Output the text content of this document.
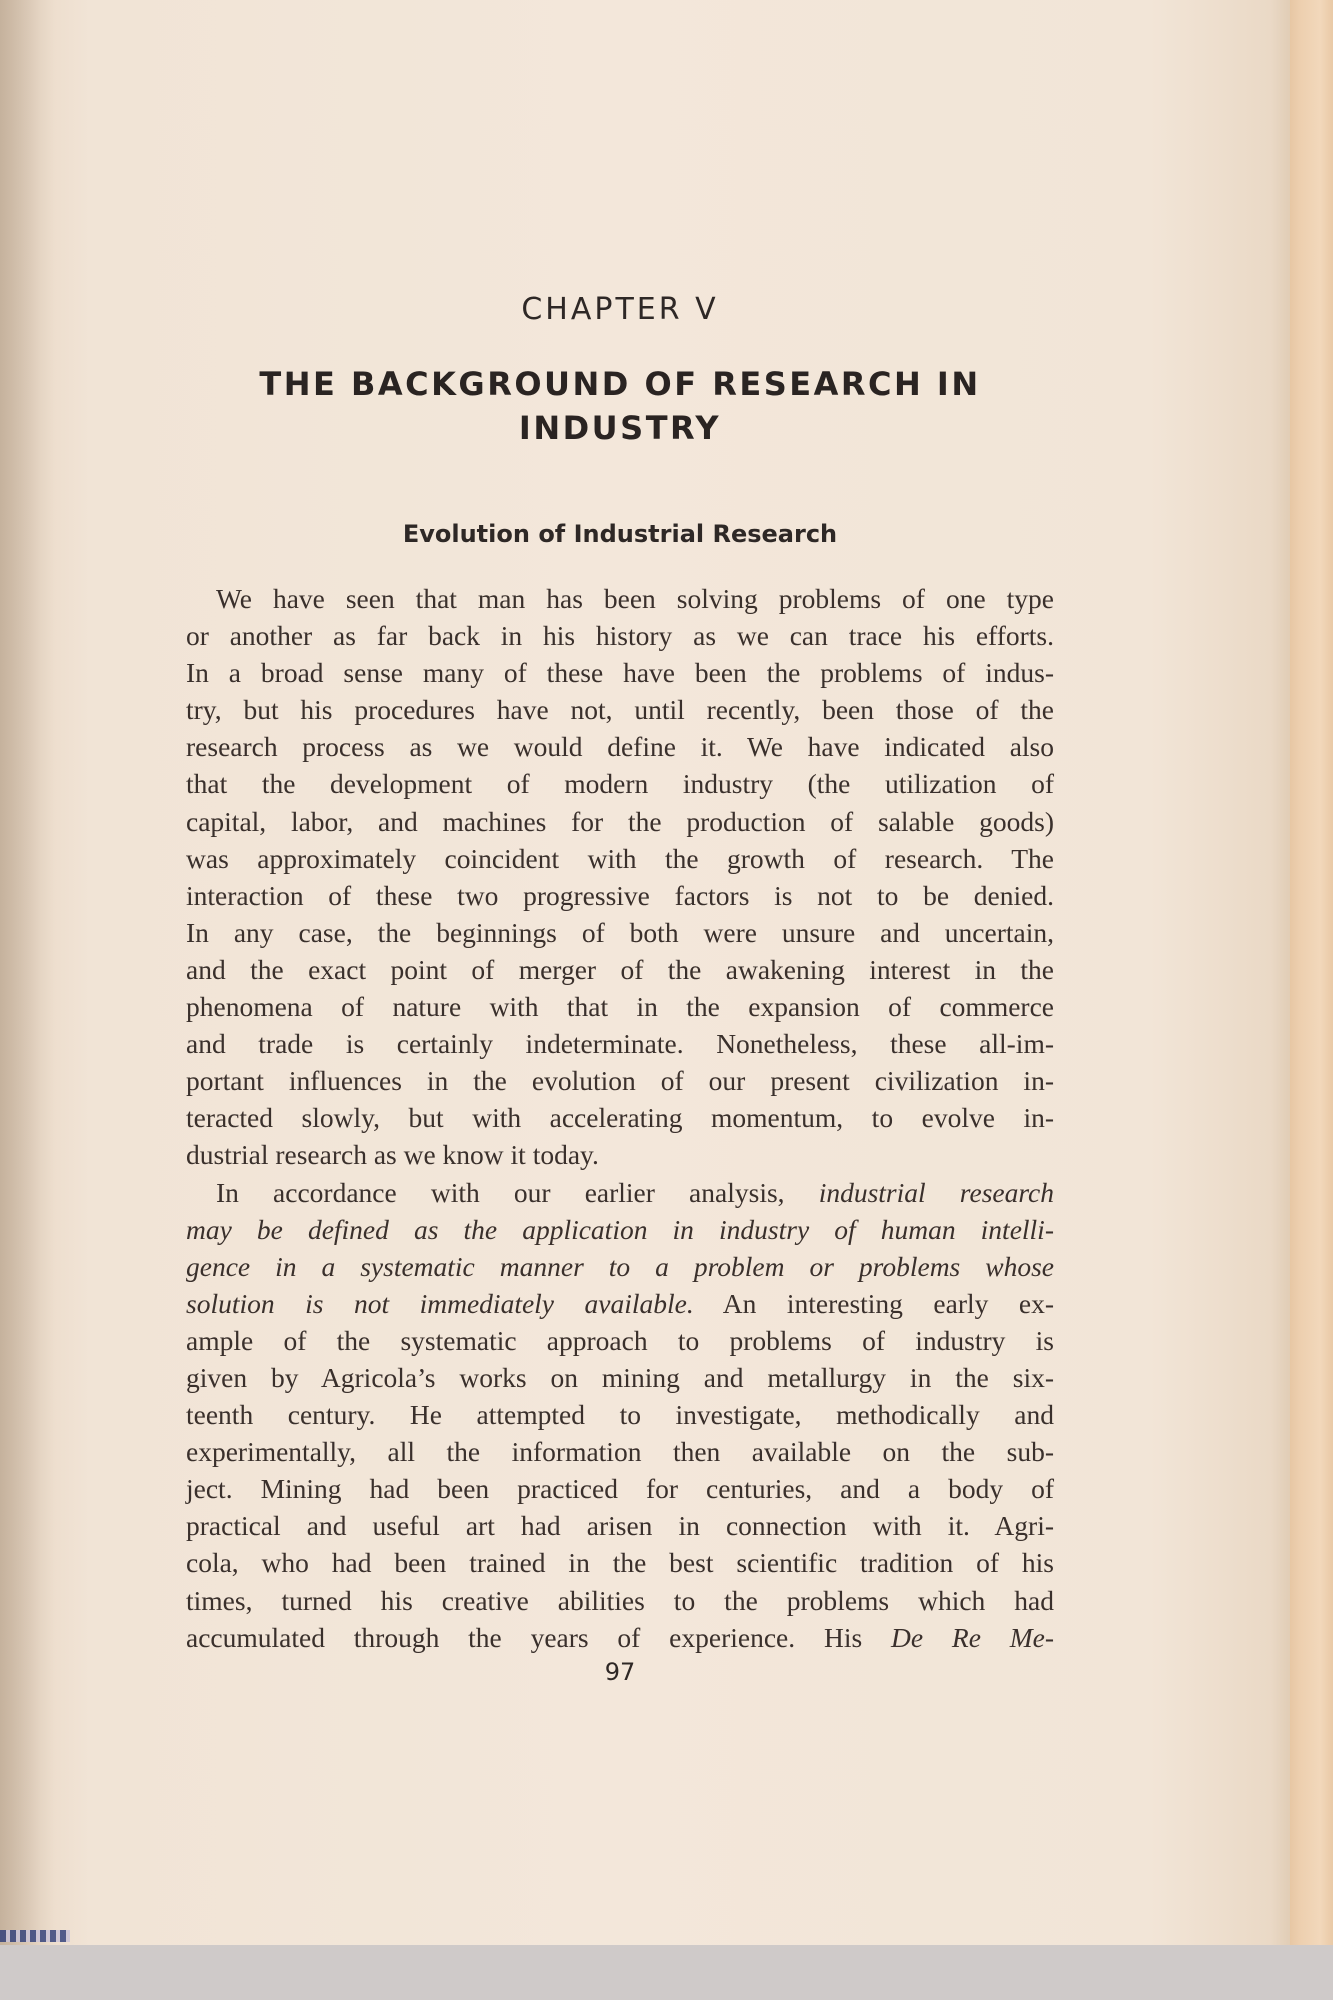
CHAPTER V
THE BACKGROUND OF RESEARCH IN
INDUSTRY
Evolution of Industrial Research
We have seen that man has been solving problems of one type
or another as far back in his history as we can trace his efforts.
In a broad sense many of these have been the problems of indus-
try, but his procedures have not, until recently, been those of the
research process as we would define it. We have indicated also
that the development of modern industry (the utilization of
capital, labor, and machines for the production of salable goods)
was approximately coincident with the growth of research. The
interaction of these two progressive factors is not to be denied.
In any case, the beginnings of both were unsure and uncertain,
and the exact point of merger of the awakening interest in the
phenomena of nature with that in the expansion of commerce
and trade is certainly indeterminate. Nonetheless, these all-im-
portant influences in the evolution of our present civilization in-
teracted slowly, but with accelerating momentum, to evolve in-
dustrial research as we know it today.
In accordance with our earlier analysis, industrial research
may be defined as the application in industry of human intelli-
gence in a systematic manner to a problem or problems whose
solution is not immediately available. An interesting early ex-
ample of the systematic approach to problems of industry is
given by Agricola’s works on mining and metallurgy in the six-
teenth century. He attempted to investigate, methodically and
experimentally, all the information then available on the sub-
ject. Mining had been practiced for centuries, and a body of
practical and useful art had arisen in connection with it. Agri-
cola, who had been trained in the best scientific tradition of his
times, turned his creative abilities to the problems which had
accumulated through the years of experience. His De Re Me-
97
